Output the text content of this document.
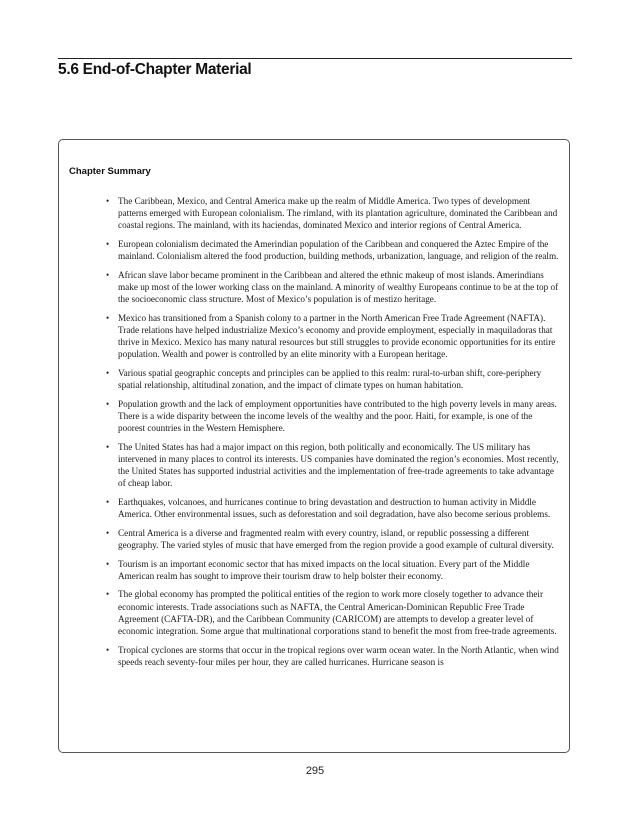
5.6 End-of-Chapter Material
Chapter Summary
• The Caribbean, Mexico, and Central America make up the realm of Middle America. Two types of development patterns emerged with European colonialism. The rimland, with its plantation agriculture, dominated the Caribbean and coastal regions. The mainland, with its haciendas, dominated Mexico and interior regions of Central America.
• European colonialism decimated the Amerindian population of the Caribbean and conquered the Aztec Empire of the mainland. Colonialism altered the food production, building methods, urbanization, language, and religion of the realm.
• African slave labor became prominent in the Caribbean and altered the ethnic makeup of most islands. Amerindians make up most of the lower working class on the mainland. A minority of wealthy Europeans continue to be at the top of the socioeconomic class structure. Most of Mexico’s population is of mestizo heritage.
• Mexico has transitioned from a Spanish colony to a partner in the North American Free Trade Agreement (NAFTA). Trade relations have helped industrialize Mexico’s economy and provide employment, especially in maquiladoras that thrive in Mexico. Mexico has many natural resources but still struggles to provide economic opportunities for its entire population. Wealth and power is controlled by an elite minority with a European heritage.
• Various spatial geographic concepts and principles can be applied to this realm: rural-to-urban shift, core-periphery spatial relationship, altitudinal zonation, and the impact of climate types on human habitation.
• Population growth and the lack of employment opportunities have contributed to the high poverty levels in many areas. There is a wide disparity between the income levels of the wealthy and the poor. Haiti, for example, is one of the poorest countries in the Western Hemisphere.
• The United States has had a major impact on this region, both politically and economically. The US military has intervened in many places to control its interests. US companies have dominated the region’s economies. Most recently, the United States has supported industrial activities and the implementation of free-trade agreements to take advantage of cheap labor.
• Earthquakes, volcanoes, and hurricanes continue to bring devastation and destruction to human activity in Middle America. Other environmental issues, such as deforestation and soil degradation, have also become serious problems.
• Central America is a diverse and fragmented realm with every country, island, or republic possessing a different geography. The varied styles of music that have emerged from the region provide a good example of cultural diversity.
• Tourism is an important economic sector that has mixed impacts on the local situation. Every part of the Middle American realm has sought to improve their tourism draw to help bolster their economy.
• The global economy has prompted the political entities of the region to work more closely together to advance their economic interests. Trade associations such as NAFTA, the Central American-Dominican Republic Free Trade Agreement (CAFTA-DR), and the Caribbean Community (CARICOM) are attempts to develop a greater level of economic integration. Some argue that multinational corporations stand to benefit the most from free-trade agreements.
• Tropical cyclones are storms that occur in the tropical regions over warm ocean water. In the North Atlantic, when wind speeds reach seventy-four miles per hour, they are called hurricanes. Hurricane season is
295
